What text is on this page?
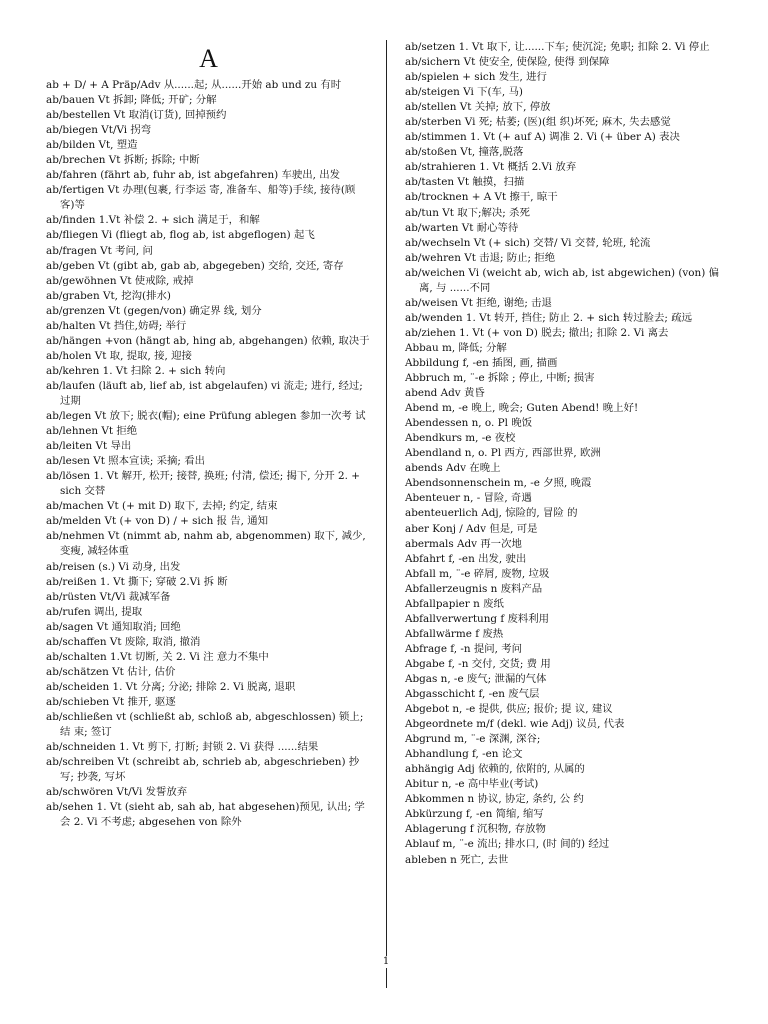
A

ab + D/ + A Präp/Adv 从......起; 从......开始 ab und zu 有时

ab/bauen Vt 拆卸; 降低; 开矿; 分解

ab/bestellen Vt 取消(订货), 回掉预约

ab/biegen Vt/Vi 拐弯

ab/bilden Vt, 塑造

ab/brechen Vt 拆断; 拆除; 中断

ab/fahren (fährt ab, fuhr ab, ist abgefahren) 车驶出, 出发

ab/fertigen Vt 办理(包裹, 行李运 寄, 准备车、船等)手续, 接待(顾 客)等

ab/finden 1.Vt 补偿 2. + sich 满足于，和解

ab/fliegen Vi (fliegt ab, flog ab, ist abgeflogen) 起飞

ab/fragen Vt 考问, 问

ab/geben Vt (gibt ab, gab ab, abgegeben) 交给, 交还, 寄存

ab/gewöhnen Vt 使戒除, 戒掉

ab/graben Vt, 挖沟(排水)

ab/grenzen Vt (gegen/von) 确定界 线, 划分

ab/halten Vt 挡住,妨碍; 举行

ab/hängen +von (hängt ab, hing ab, abgehangen) 依赖, 取决于

ab/holen Vt 取, 提取, 接, 迎接

ab/kehren 1. Vt 扫除 2. + sich 转向

ab/laufen (läuft ab, lief ab, ist abgelaufen) vi 流走; 进行, 经过; 过期

ab/legen Vt 放下; 脱衣(帽); eine Prüfung ablegen 参加一次考 试

ab/lehnen Vt 拒绝

ab/leiten Vt 导出

ab/lesen Vt 照本宣读; 采摘; 看出

ab/lösen 1. Vt 解开, 松开; 接替, 换班; 付清, 偿还; 揭下, 分开 2. + sich 交替

ab/machen Vt (+ mit D) 取下, 去掉; 约定, 结束

ab/melden Vt (+ von D) / + sich 报 告, 通知

ab/nehmen Vt (nimmt ab, nahm ab, abgenommen) 取下, 减少, 变瘦, 减轻体重

ab/reisen (s.) Vi 动身, 出发

ab/reißen 1. Vt 撕下; 穿破 2.Vi 拆 断

ab/rüsten Vt/Vi 裁减军备

ab/rufen 调出, 提取

ab/sagen Vt 通知取消; 回绝

ab/schaffen Vt 废除, 取消, 撤消

ab/schalten 1.Vt 切断, 关 2. Vi 注 意力不集中

ab/schätzen Vt 估计, 估价

ab/scheiden 1. Vt 分离; 分泌; 排除 2. Vi 脱离, 退职

ab/schieben Vt 推开, 驱逐

ab/schließen vt (schließt ab, schloß ab, abgeschlossen) 锁上; 结 束; 签订

ab/schneiden 1. Vt 剪下, 打断; 封锁 2. Vi 获得 ......结果

ab/schreiben Vt (schreibt ab, schrieb ab, abgeschrieben) 抄写; 抄袭, 写坏

ab/schwören Vt/Vi 发誓放弃

ab/sehen 1. Vt (sieht ab, sah ab, hat abgesehen)预见, 认出; 学会 2. Vi 不考虑; abgesehen von 除外

ab/setzen 1. Vt 取下, 让......下车; 使沉淀; 免职; 扣除 2. Vi 停止

ab/sichern Vt 使安全, 使保险, 使得 到保障

ab/spielen + sich 发生, 进行

ab/steigen Vi 下(车, 马)

ab/stellen Vt 关掉; 放下, 停放

ab/sterben Vi 死; 枯萎; (医)(组 织)坏死; 麻木, 失去感觉

ab/stimmen 1. Vt (+ auf A) 调准 2. Vi (+ über A) 表决

ab/stoßen Vt, 撞落,脱落

ab/strahieren 1. Vt 概括 2.Vi 放弃

ab/tasten Vt 触摸，扫描

ab/trocknen + A Vt 擦干, 晾干

ab/tun Vt 取下;解决; 杀死

ab/warten Vt 耐心等待

ab/wechseln Vt (+ sich) 交替/ Vi 交替, 轮班, 轮流

ab/wehren Vt 击退; 防止; 拒绝

ab/weichen Vi (weicht ab, wich ab, ist abgewichen) (von) 偏离, 与 ......不同

ab/weisen Vt 拒绝, 谢绝; 击退

ab/wenden 1. Vt 转开, 挡住; 防止 2. + sich 转过脸去; 疏远

ab/ziehen 1. Vt (+ von D) 脱去; 撤出; 扣除 2. Vi 离去

Abbau m, 降低; 分解

Abbildung f, -en 插图, 画, 描画

Abbruch m, ¨-e 拆除 ; 停止, 中断; 损害

abend Adv 黄昏

Abend m, -e 晚上, 晚会; Guten Abend! 晚上好!

Abendessen n, o. Pl 晚饭

Abendkurs m, -e 夜校

Abendland n, o. Pl 西方, 西部世界, 欧洲

abends Adv 在晚上

Abendsonnenschein m, -e 夕照, 晚霞

Abenteuer n, - 冒险, 奇遇

abenteuerlich Adj, 惊险的, 冒险 的

aber Konj / Adv 但是, 可是

abermals Adv 再一次地

Abfahrt f, -en 出发, 驶出

Abfall m, ¨-e 碎屑, 废物, 垃圾

Abfallerzeugnis n 废料产品

Abfallpapier n 废纸

Abfallverwertung f 废料利用

Abfallwärme f 废热

Abfrage f, -n 提问, 考问

Abgabe f, -n 交付, 交货; 费 用

Abgas n, -e 废气; 泄漏的气体

Abgasschicht f, -en 废气层

Abgebot n, -e 提供, 供应; 报价; 提 议, 建议

Abgeordnete m/f (dekl. wie Adj) 议员, 代表

Abgrund m, ¨-e 深渊, 深谷;

Abhandlung f, -en 论文

abhängig Adj 依赖的, 依附的, 从属的

Abitur n, -e 高中毕业(考试)

Abkommen n 协议, 协定, 条约, 公 约

Abkürzung f, -en 简缩, 缩写

Ablagerung f 沉积物, 存放物

Ablauf m, ¨-e 流出; 排水口, (时 间的) 经过

ableben n 死亡, 去世

1
